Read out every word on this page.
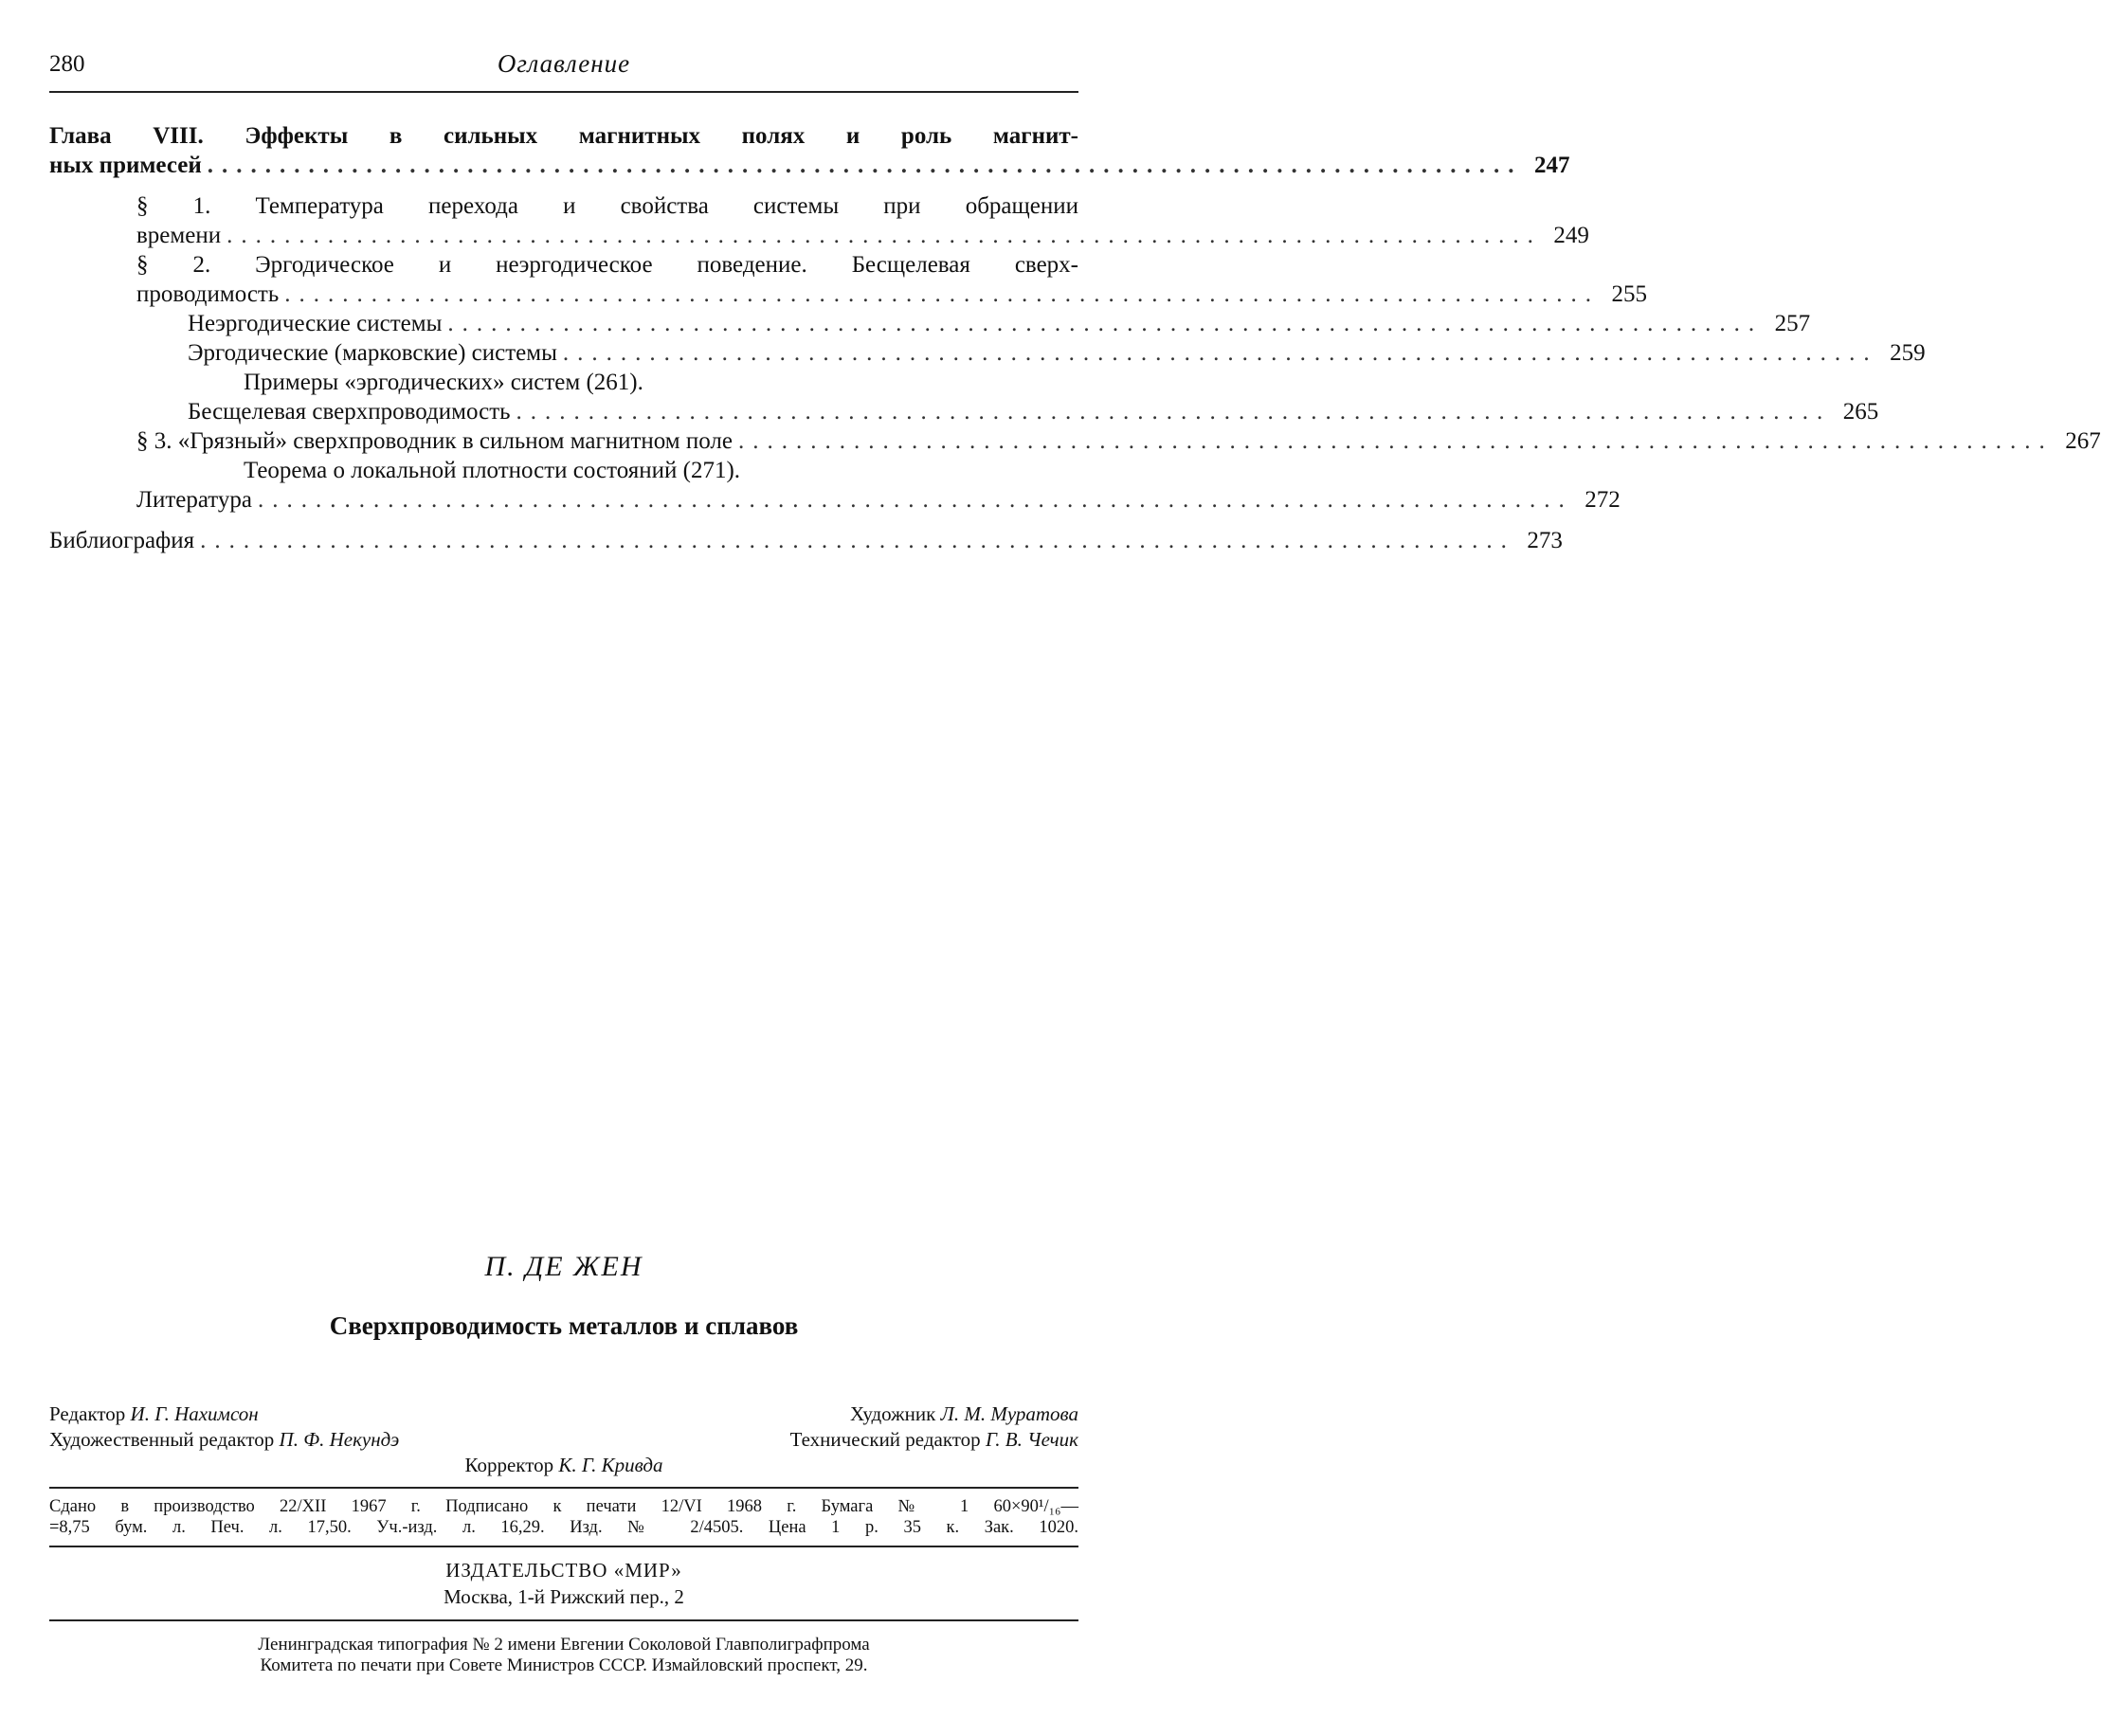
280	Оглавление
Глава VIII. Эффекты в сильных магнитных полях и роль магнит-
ных примесей ........................................................................................... 247
§ 1. Температура перехода и свойства системы при обращении
времени ........................................................................................... 249
§ 2. Эргодическое и неэргодическое поведение. Бесщелевая сверх-
проводимость ........................................................................................... 255
Неэргодические системы ........................................................................................... 257
Эргодические (марковские) системы ........................................................................................... 259
Примеры «эргодических» систем (261).
Бесщелевая сверхпроводимость ........................................................................................... 265
§ 3. «Грязный» сверхпроводник в сильном магнитном поле ........................................................................................... 267
Теорема о локальной плотности состояний (271).
Литература ........................................................................................... 272
Библиография ........................................................................................... 273
П. ДЕ ЖЕН
Сверхпроводимость металлов и сплавов
Редактор И. Г. Нахимсон	Художник Л. М. Муратова
Художественный редактор П. Ф. Некундэ	Технический редактор Г. В. Чечик
Корректор К. Г. Кривда
Сдано в производство 22/XII 1967 г. Подписано к печати 12/VI 1968 г. Бумага № 1 60×90¹/₁₆—
=8,75 бум. л. Печ. л. 17,50. Уч.-изд. л. 16,29. Изд. № 2/4505. Цена 1 р. 35 к. Зак. 1020.
ИЗДАТЕЛЬСТВО «МИР»
Москва, 1-й Рижский пер., 2
Ленинградская типография № 2 имени Евгении Соколовой Главполиграфпрома
Комитета по печати при Совете Министров СССР. Измайловский проспект, 29.
